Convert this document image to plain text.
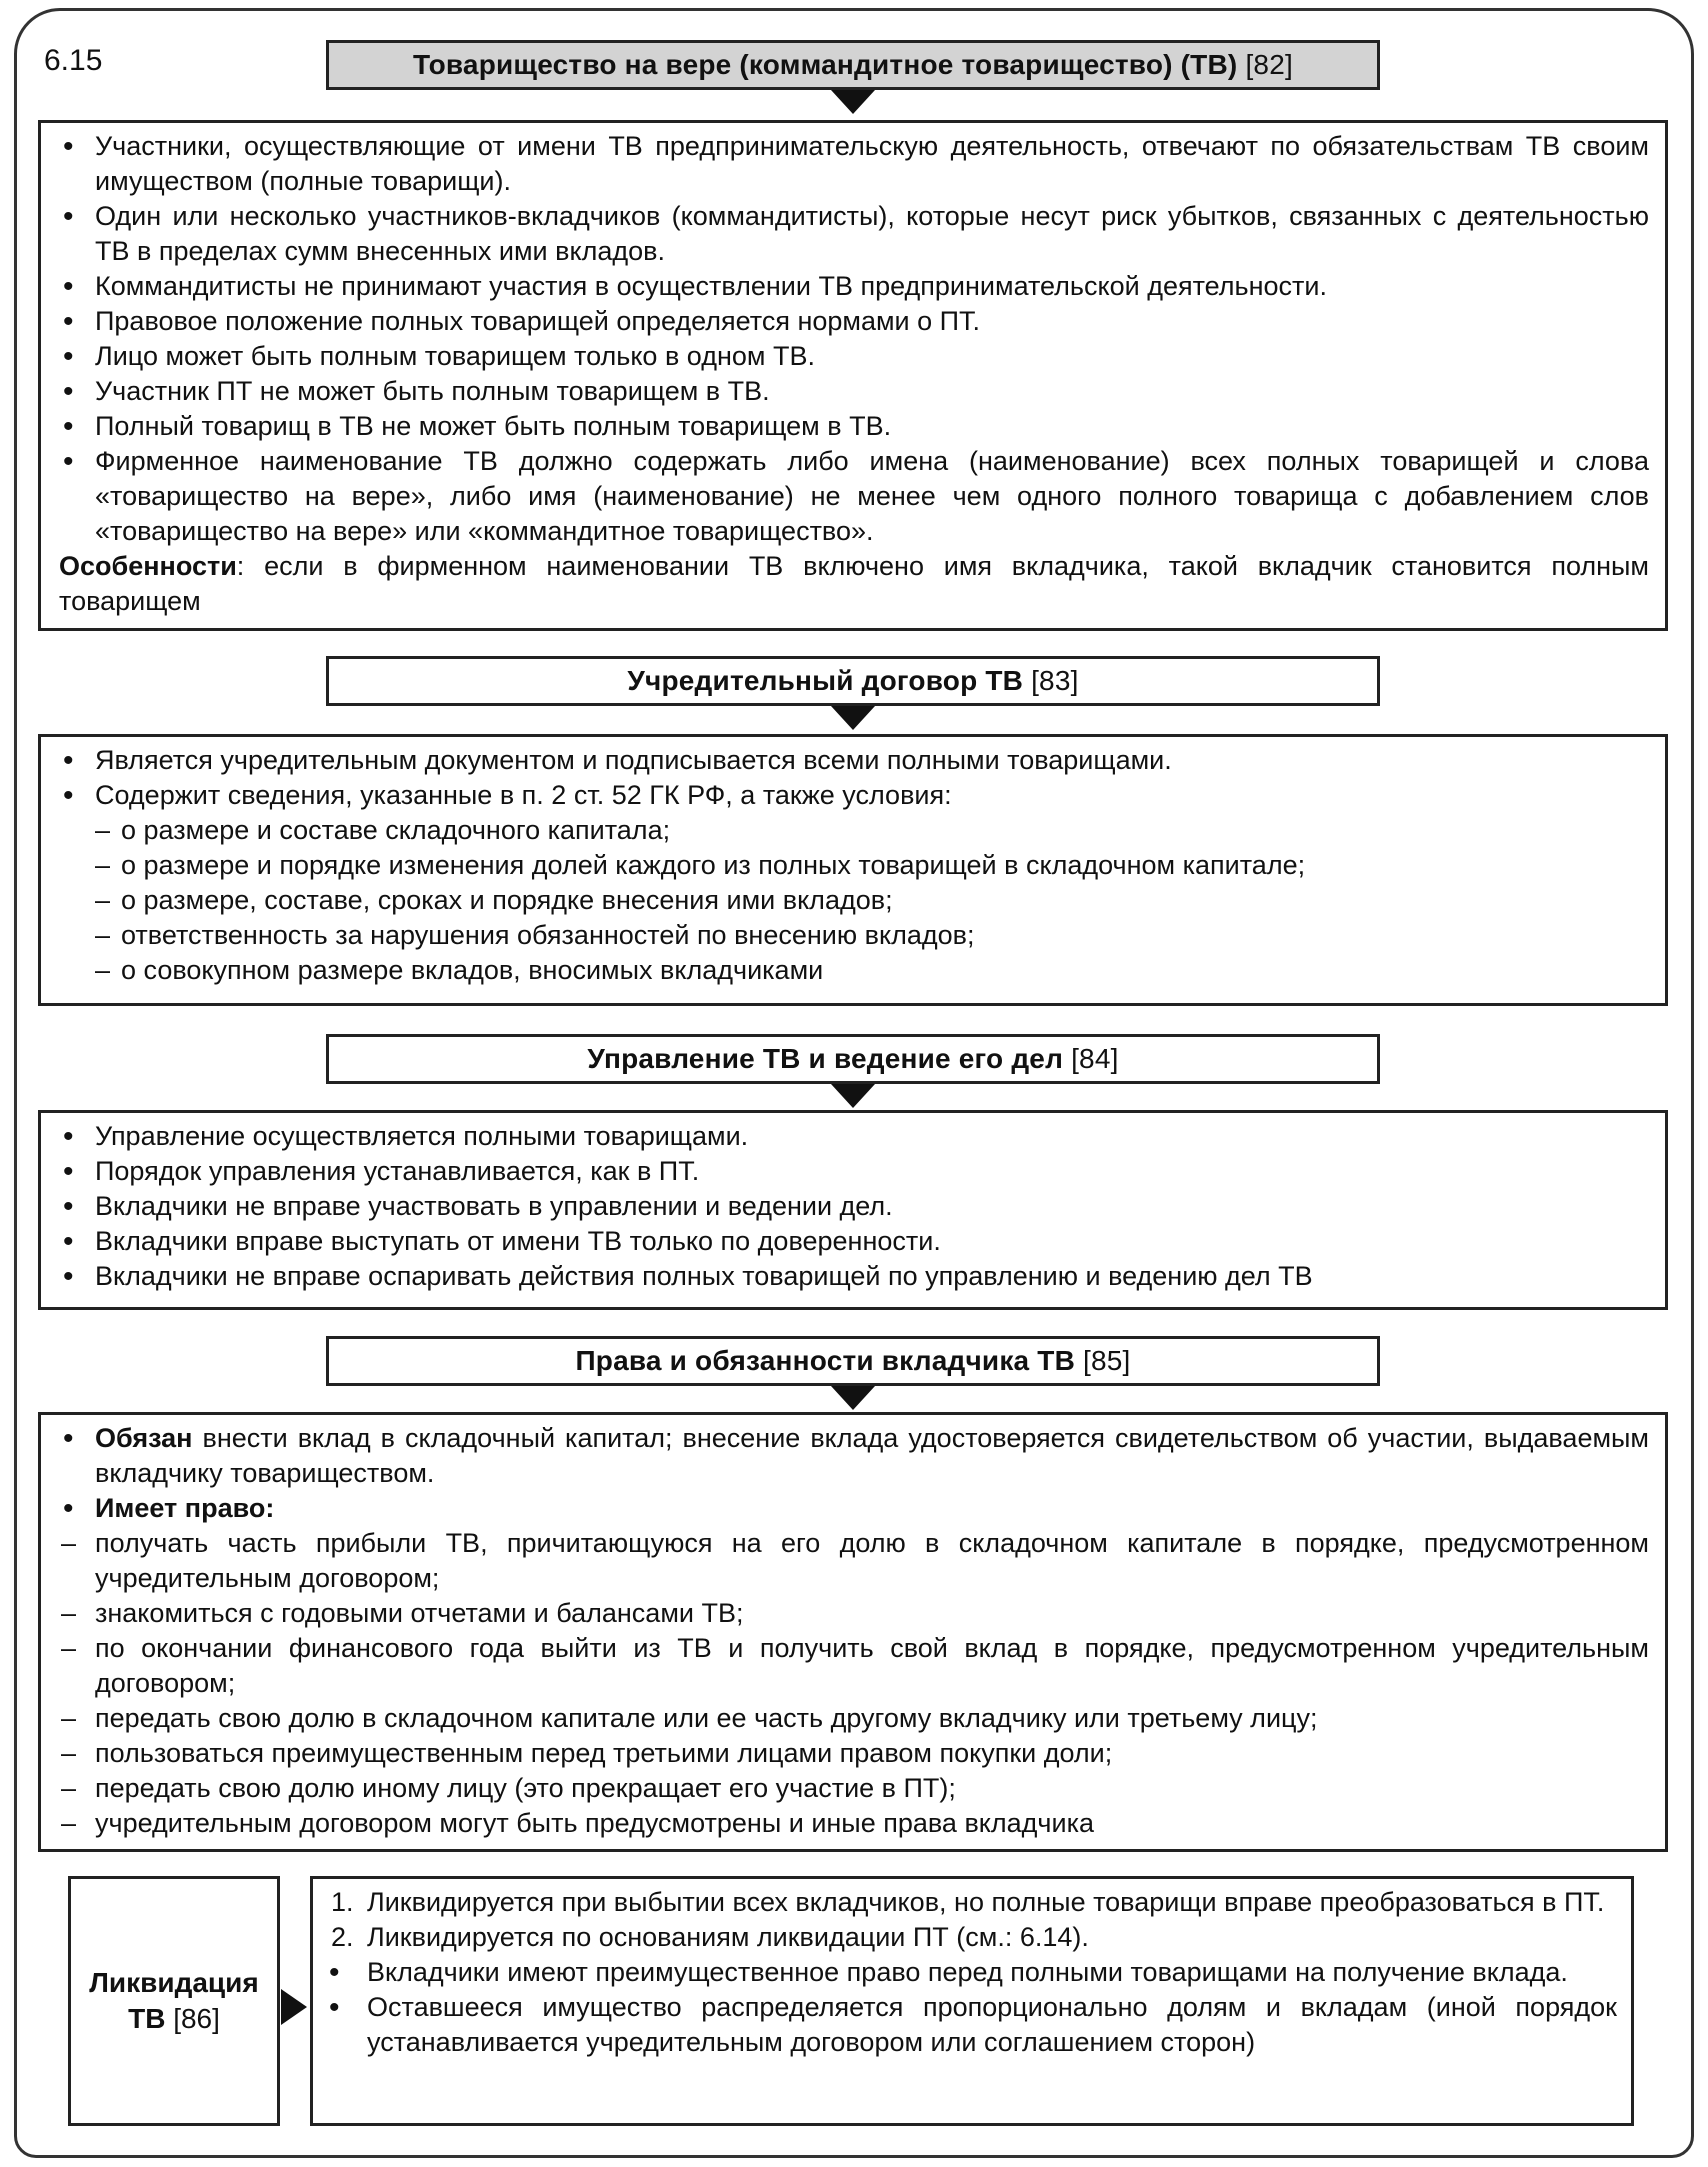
6.15	Товарищество на вере (коммандитное товарищество) (ТВ) [82]
• Участники, осуществляющие от имени ТВ предпринимательскую деятельность, отвечают по обязательствам ТВ своим имуществом (полные товарищи).
• Один или несколько участников-вкладчиков (коммандитисты), которые несут риск убытков, связанных с деятельностью ТВ в пределах сумм внесенных ими вкладов.
• Коммандитисты не принимают участия в осуществлении ТВ предпринимательской деятельности.
• Правовое положение полных товарищей определяется нормами о ПТ.
• Лицо может быть полным товарищем только в одном ТВ.
• Участник ПТ не может быть полным товарищем в ТВ.
• Полный товарищ в ТВ не может быть полным товарищем в ТВ.
• Фирменное наименование ТВ должно содержать либо имена (наименование) всех полных товарищей и слова «товарищество на вере», либо имя (наименование) не менее чем одного полного товарища с добавлением слов «товарищество на вере» или «коммандитное товарищество».
Особенности: если в фирменном наименовании ТВ включено имя вкладчика, такой вкладчик становится полным товарищем
Учредительный договор ТВ [83]
• Является учредительным документом и подписывается всеми полными товарищами.
• Содержит сведения, указанные в п. 2 ст. 52 ГК РФ, а также условия:
– о размере и составе складочного капитала;
– о размере и порядке изменения долей каждого из полных товарищей в складочном капитале;
– о размере, составе, сроках и порядке внесения ими вкладов;
– ответственность за нарушения обязанностей по внесению вкладов;
– о совокупном размере вкладов, вносимых вкладчиками
Управление ТВ и ведение его дел [84]
• Управление осуществляется полными товарищами.
• Порядок управления устанавливается, как в ПТ.
• Вкладчики не вправе участвовать в управлении и ведении дел.
• Вкладчики вправе выступать от имени ТВ только по доверенности.
• Вкладчики не вправе оспаривать действия полных товарищей по управлению и ведению дел ТВ
Права и обязанности вкладчика ТВ [85]
• Обязан внести вклад в складочный капитал; внесение вклада удостоверяется свидетельством об участии, выдаваемым вкладчику товариществом.
• Имеет право:
– получать часть прибыли ТВ, причитающуюся на его долю в складочном капитале в порядке, предусмотренном учредительным договором;
– знакомиться с годовыми отчетами и балансами ТВ;
– по окончании финансового года выйти из ТВ и получить свой вклад в порядке, предусмотренном учредительным договором;
– передать свою долю в складочном капитале или ее часть другому вкладчику или третьему лицу;
– пользоваться преимущественным перед третьими лицами правом покупки доли;
– передать свою долю иному лицу (это прекращает его участие в ПТ);
– учредительным договором могут быть предусмотрены и иные права вкладчика
Ликвидация
ТВ [86]
1. Ликвидируется при выбытии всех вкладчиков, но полные товарищи вправе преобразоваться в ПТ.
2. Ликвидируется по основаниям ликвидации ПТ (см.: 6.14).
• Вкладчики имеют преимущественное право перед полными товарищами на получение вклада.
• Оставшееся имущество распределяется пропорционально долям и вкладам (иной порядок устанавливается учредительным договором или соглашением сторон)
